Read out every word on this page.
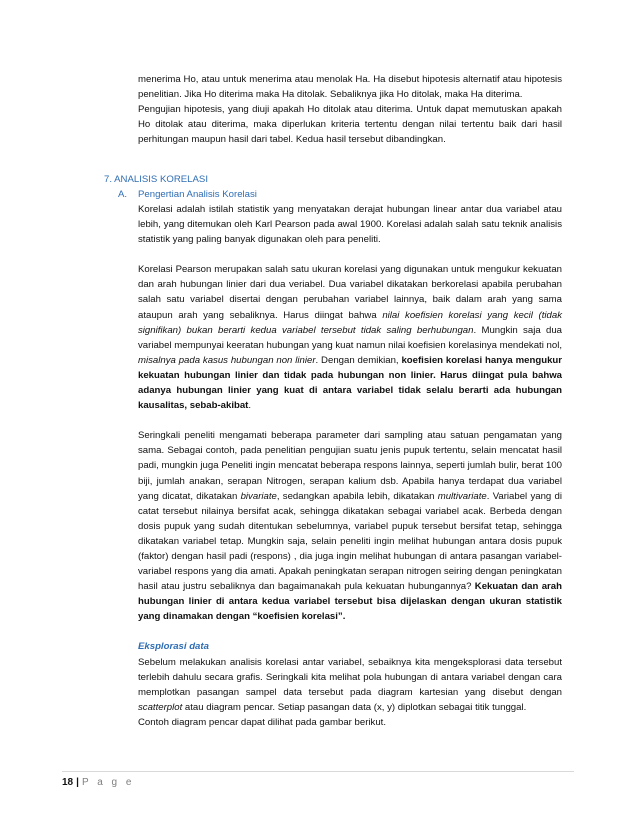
menerima Ho, atau untuk menerima atau menolak Ha. Ha disebut hipotesis alternatif atau hipotesis penelitian. Jika Ho diterima maka Ha ditolak. Sebaliknya jika Ho ditolak, maka Ha diterima.

Pengujian hipotesis, yang diuji apakah Ho ditolak atau diterima. Untuk dapat memutuskan apakah Ho ditolak atau diterima, maka diperlukan kriteria tertentu dengan nilai tertentu baik dari hasil perhitungan maupun hasil dari tabel. Kedua hasil tersebut dibandingkan.

7. ANALISIS KORELASI
A. Pengertian Analisis Korelasi

Korelasi adalah istilah statistik yang menyatakan derajat hubungan linear antar dua variabel atau lebih, yang ditemukan oleh Karl Pearson pada awal 1900. Korelasi adalah salah satu teknik analisis statistik yang paling banyak digunakan oleh para peneliti.

Korelasi Pearson merupakan salah satu ukuran korelasi yang digunakan untuk mengukur kekuatan dan arah hubungan linier dari dua veriabel. Dua variabel dikatakan berkorelasi apabila perubahan salah satu variabel disertai dengan perubahan variabel lainnya, baik dalam arah yang sama ataupun arah yang sebaliknya. Harus diingat bahwa nilai koefisien korelasi yang kecil (tidak signifikan) bukan berarti kedua variabel tersebut tidak saling berhubungan. Mungkin saja dua variabel mempunyai keeratan hubungan yang kuat namun nilai koefisien korelasinya mendekati nol, misalnya pada kasus hubungan non linier. Dengan demikian, koefisien korelasi hanya mengukur kekuatan hubungan linier dan tidak pada hubungan non linier. Harus diingat pula bahwa adanya hubungan linier yang kuat di antara variabel tidak selalu berarti ada hubungan kausalitas, sebab-akibat.

Seringkali peneliti mengamati beberapa parameter dari sampling atau satuan pengamatan yang sama. Sebagai contoh, pada penelitian pengujian suatu jenis pupuk tertentu, selain mencatat hasil padi, mungkin juga Peneliti ingin mencatat beberapa respons lainnya, seperti jumlah bulir, berat 100 biji, jumlah anakan, serapan Nitrogen, serapan kalium dsb. Apabila hanya terdapat dua variabel yang dicatat, dikatakan bivariate, sedangkan apabila lebih, dikatakan multivariate. Variabel yang di catat tersebut nilainya bersifat acak, sehingga dikatakan sebagai variabel acak. Berbeda dengan dosis pupuk yang sudah ditentukan sebelumnya, variabel pupuk tersebut bersifat tetap, sehingga dikatakan variabel tetap. Mungkin saja, selain peneliti ingin melihat hubungan antara dosis pupuk (faktor) dengan hasil padi (respons) , dia juga ingin melihat hubungan di antara pasangan variabel-variabel respons yang dia amati. Apakah peningkatan serapan nitrogen seiring dengan peningkatan hasil atau justru sebaliknya dan bagaimanakah pula kekuatan hubungannya? Kekuatan dan arah hubungan linier di antara kedua variabel tersebut bisa dijelaskan dengan ukuran statistik yang dinamakan dengan “koefisien korelasi”.

Eksplorasi data

Sebelum melakukan analisis korelasi antar variabel, sebaiknya kita mengeksplorasi data tersebut terlebih dahulu secara grafis. Seringkali kita melihat pola hubungan di antara variabel dengan cara memplotkan pasangan sampel data tersebut pada diagram kartesian yang disebut dengan scatterplot atau diagram pencar. Setiap pasangan data (x, y) diplotkan sebagai titik tunggal.

Contoh diagram pencar dapat dilihat pada gambar berikut.

18 | P a g e
